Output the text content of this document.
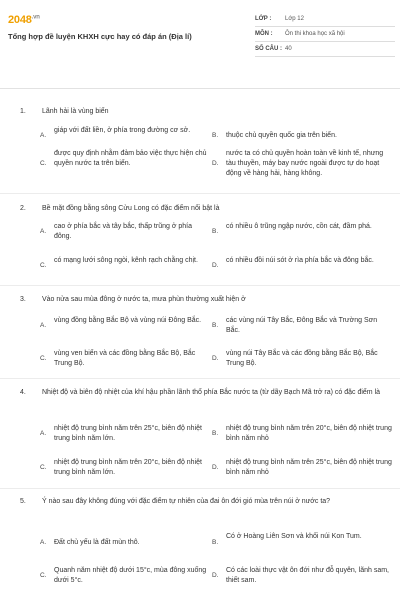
$2048^{.vn}$
Tổng hợp đề luyện KHXH cực hay có đáp án (Địa lí)
LỚP :	Lớp 12
MÔN :	Ôn thi khoa học xã hội
SỐ CÂU : 40
1. Lãnh hải là vùng biển
A.
giáp với đất liền, ở phía trong đường cơ sở.
B. thuộc chủ quyền quốc gia trên biển.
C.
được quy định nhằm đảm bảo việc thực hiện chủ quyền nước ta trên biển.	D.
nước ta có chủ quyền hoàn toàn về kinh tế, nhưng tàu thuyền, máy bay nước ngoài được tự do hoạt động về hàng hải, hàng không.
2. Bề mặt đồng bằng sông Cửu Long có đặc điểm nổi bật là
A.
cao ở phía bắc và tây bắc, thấp trũng ở phía đông.
B.
có nhiều ô trũng ngập nước, cồn cát, đầm phá.
C.
có mạng lưới sông ngòi, kênh rạch chằng chịt.
D.
có nhiều đồi núi sót ở rìa phía bắc và đông bắc.
3. Vào nửa sau mùa đông ở nước ta, mưa phùn thường xuất hiện ở
A.
vùng đồng bằng Bắc Bộ và vùng núi Đông Bắc.
B.
các vùng núi Tây Bắc, Đông Bắc và Trường Sơn Bắc.
C.
vùng ven biển và các đồng bằng Bắc Bộ, Bắc Trung Bộ.
D.
vùng núi Tây Bắc và các đồng bằng Bắc Bộ, Bắc Trung Bộ.
4. Nhiệt độ và biên độ nhiệt của khí hậu phần lãnh thổ phía Bắc nước ta (từ dãy Bạch Mã trở ra) có đặc điểm là
A.
nhiệt độ trung bình năm trên 25°c, biên độ nhiệt trung bình năm lớn.
B.
nhiệt độ trung bình năm trên 20°c, biên độ nhiệt trung bình năm nhỏ
C.
nhiệt độ trung bình năm trên 20°c, biên độ nhiệt trung bình năm lớn.
D.
nhiệt độ trung bình năm trên 25°c, biên độ nhiệt trung bình năm nhỏ
5. Ý nào sau đây không đúng với đặc điểm tự nhiên của đai ôn đới gió mùa trên núi ở nước ta?
A. Đất chủ yếu là đất mùn thô.	B.
Có ở Hoàng Liên Sơn và khối núi Kon Tum.
C.
Quanh năm nhiệt độ dưới 15°c, mùa đông xuống dưới 5°c.
D.
Có các loài thực vật ôn đới như đỗ quyên, lãnh sam, thiết sam.
